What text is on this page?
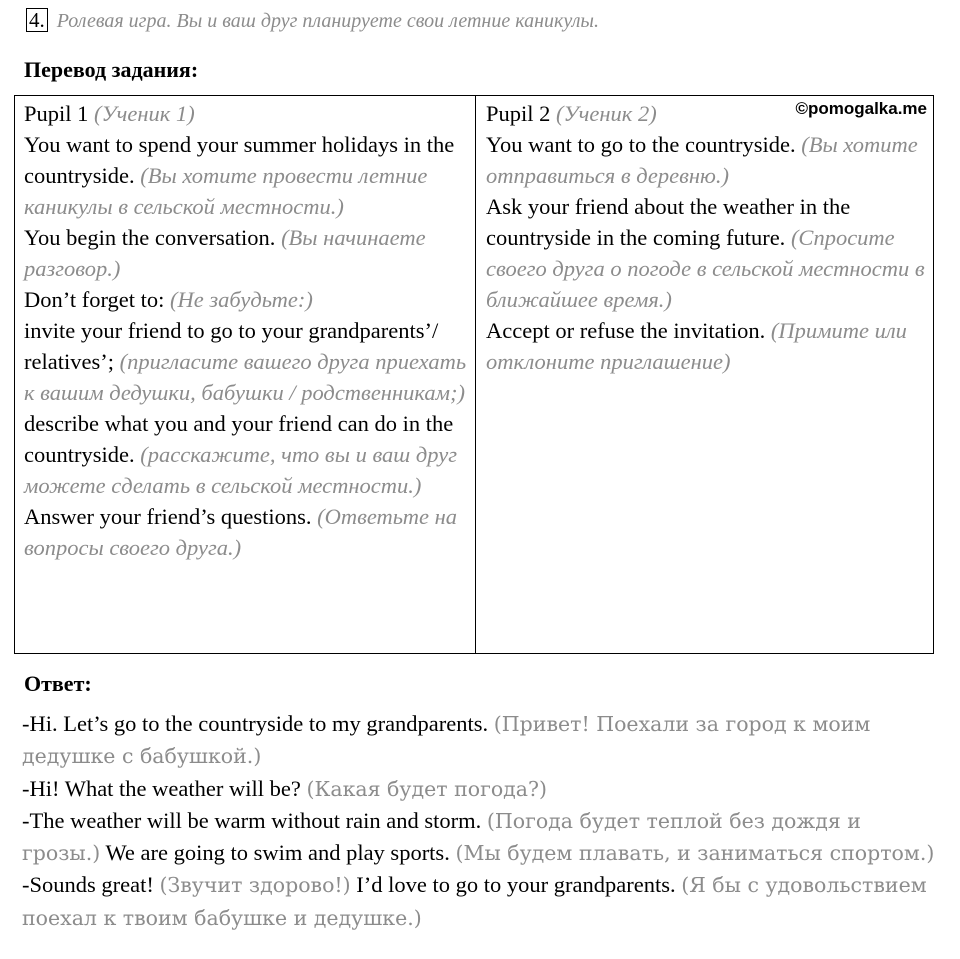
4. Ролевая игра. Вы и ваш друг планируете свои летние каникулы.
Перевод задания:

Pupil 1 (Ученик 1)

You want to spend your summer holidays in the countryside. (Вы хотите провести летние каникулы в сельской местности.)

You begin the conversation. (Вы начинаете разговор.)

Don’t forget to: (Не забудьте:)

invite your friend to go to your grandparents’/ relatives’; (пригласите вашего друга приехать к вашим дедушки, бабушки / родственникам;)

describe what you and your friend can do in the countryside. (расскажите, что вы и ваш друг можете сделать в сельской местности.)

Answer your friend’s questions. (Ответьте на вопросы своего друга.)

©pomogalka.me

Pupil 2 (Ученик 2)

You want to go to the countryside. (Вы хотите отправиться в деревню.)

Ask your friend about the weather in the countryside in the coming future. (Спросите своего друга о погоде в сельской местности в ближайшее время.)

Accept or refuse the invitation. (Примите или отклоните приглашение)

Ответ:

-Hi. Let’s go to the countryside to my grandparents. (Привет! Поехали за город к моим дедушке с бабушкой.)

-Hi! What the weather will be? (Какая будет погода?)

-The weather will be warm without rain and storm. (Погода будет теплой без дождя и грозы.) We are going to swim and play sports. (Мы будем плавать, и заниматься спортом.)

-Sounds great! (Звучит здорово!) I’d love to go to your grandparents. (Я бы с удовольствием поехал к твоим бабушке и дедушке.)
